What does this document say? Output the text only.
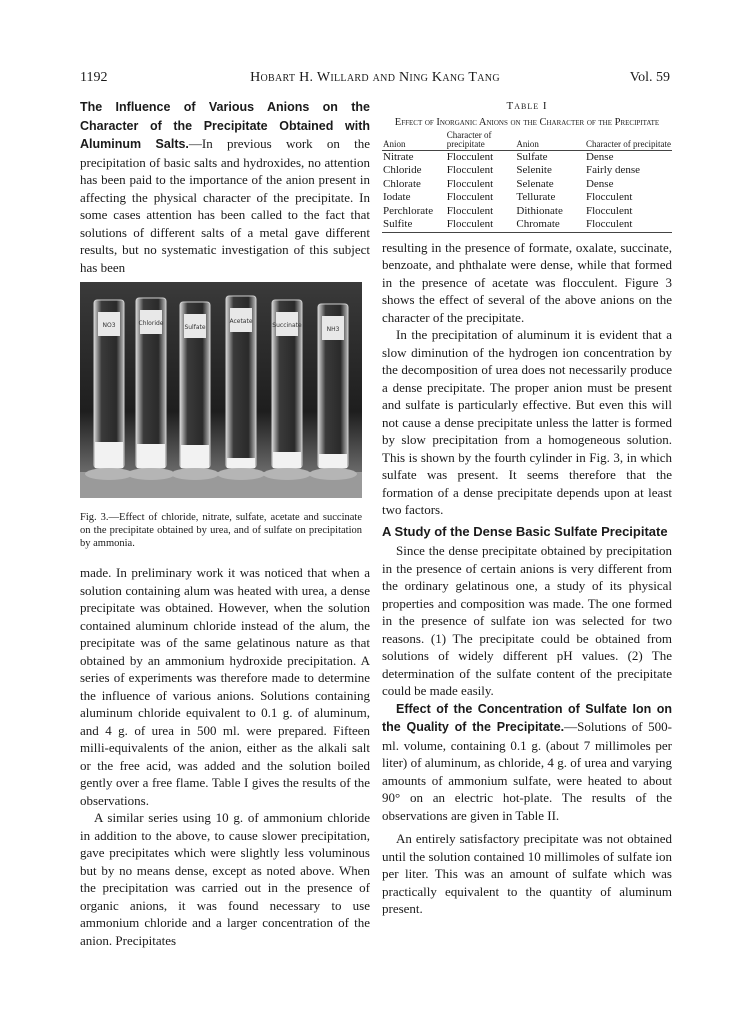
1192	Hobart H. Willard and Ning Kang Tang	Vol. 59

The Influence of Various Anions on the Character of the Precipitate Obtained with Aluminum Salts.—In previous work on the precipitation of basic salts and hydroxides, no attention has been paid to the importance of the anion present in affecting the physical character of the precipitate. In some cases attention has been called to the fact that solutions of different salts of a metal gave different results, but no systematic investigation of this subject has been

NO3	Chloride
Sulfate
Acetate
Succinate
NH3
Fig. 3.—Effect of chloride, nitrate, sulfate, acetate and succinate on the precipitate obtained by urea, and of sulfate on precipitation by ammonia.

made. In preliminary work it was noticed that when a solution containing alum was heated with urea, a dense precipitate was obtained. However, when the solution contained aluminum chloride instead of the alum, the precipitate was of the same gelatinous nature as that obtained by an ammonium hydroxide precipitation. A series of experiments was therefore made to determine the influence of various anions. Solutions containing aluminum chloride equivalent to 0.1 g. of aluminum, and 4 g. of urea in 500 ml. were prepared. Fifteen milli-equivalents of the anion, either as the alkali salt or the free acid, was added and the solution boiled gently over a free flame. Table I gives the results of the observations.

A similar series using 10 g. of ammonium chloride in addition to the above, to cause slower precipitation, gave precipitates which were slightly less voluminous but by no means dense, except as noted above. When the precipitation was carried out in the presence of organic anions, it was found necessary to use ammonium chloride and a larger concentration of the anion. Precipitates

Table I
Effect of Inorganic Anions on the Character of the Precipitate
Anion	Character of precipitate	Anion	Character of precipitate
Nitrate	Flocculent	Sulfate	Dense
Chloride	Flocculent	Selenite	Fairly dense
Chlorate	Flocculent	Selenate	Dense
Iodate	Flocculent	Tellurate	Flocculent
Perchlorate	Flocculent	Dithionate	Flocculent
Sulfite	Flocculent	Chromate	Flocculent

resulting in the presence of formate, oxalate, succinate, benzoate, and phthalate were dense, while that formed in the presence of acetate was flocculent. Figure 3 shows the effect of several of the above anions on the character of the precipitate.

In the precipitation of aluminum it is evident that a slow diminution of the hydrogen ion concentration by the decomposition of urea does not necessarily produce a dense precipitate. The proper anion must be present and sulfate is particularly effective. But even this will not cause a dense precipitate unless the latter is formed by slow precipitation from a homogeneous solution. This is shown by the fourth cylinder in Fig. 3, in which sulfate was present. It seems therefore that the formation of a dense precipitate depends upon at least two factors.

A Study of the Dense Basic Sulfate Precipitate

Since the dense precipitate obtained by precipitation in the presence of certain anions is very different from the ordinary gelatinous one, a study of its physical properties and composition was made. The one formed in the presence of sulfate ion was selected for two reasons. (1) The precipitate could be obtained from solutions of widely different pH values. (2) The determination of the sulfate content of the precipitate could be made easily.

Effect of the Concentration of Sulfate Ion on the Quality of the Precipitate.—Solutions of 500-ml. volume, containing 0.1 g. (about 7 millimoles per liter) of aluminum, as chloride, 4 g. of urea and varying amounts of ammonium sulfate, were heated to about 90° on an electric hot-plate. The results of the observations are given in Table II.

An entirely satisfactory precipitate was not obtained until the solution contained 10 millimoles of sulfate ion per liter. This was an amount of sulfate which was practically equivalent to the quantity of aluminum present.
